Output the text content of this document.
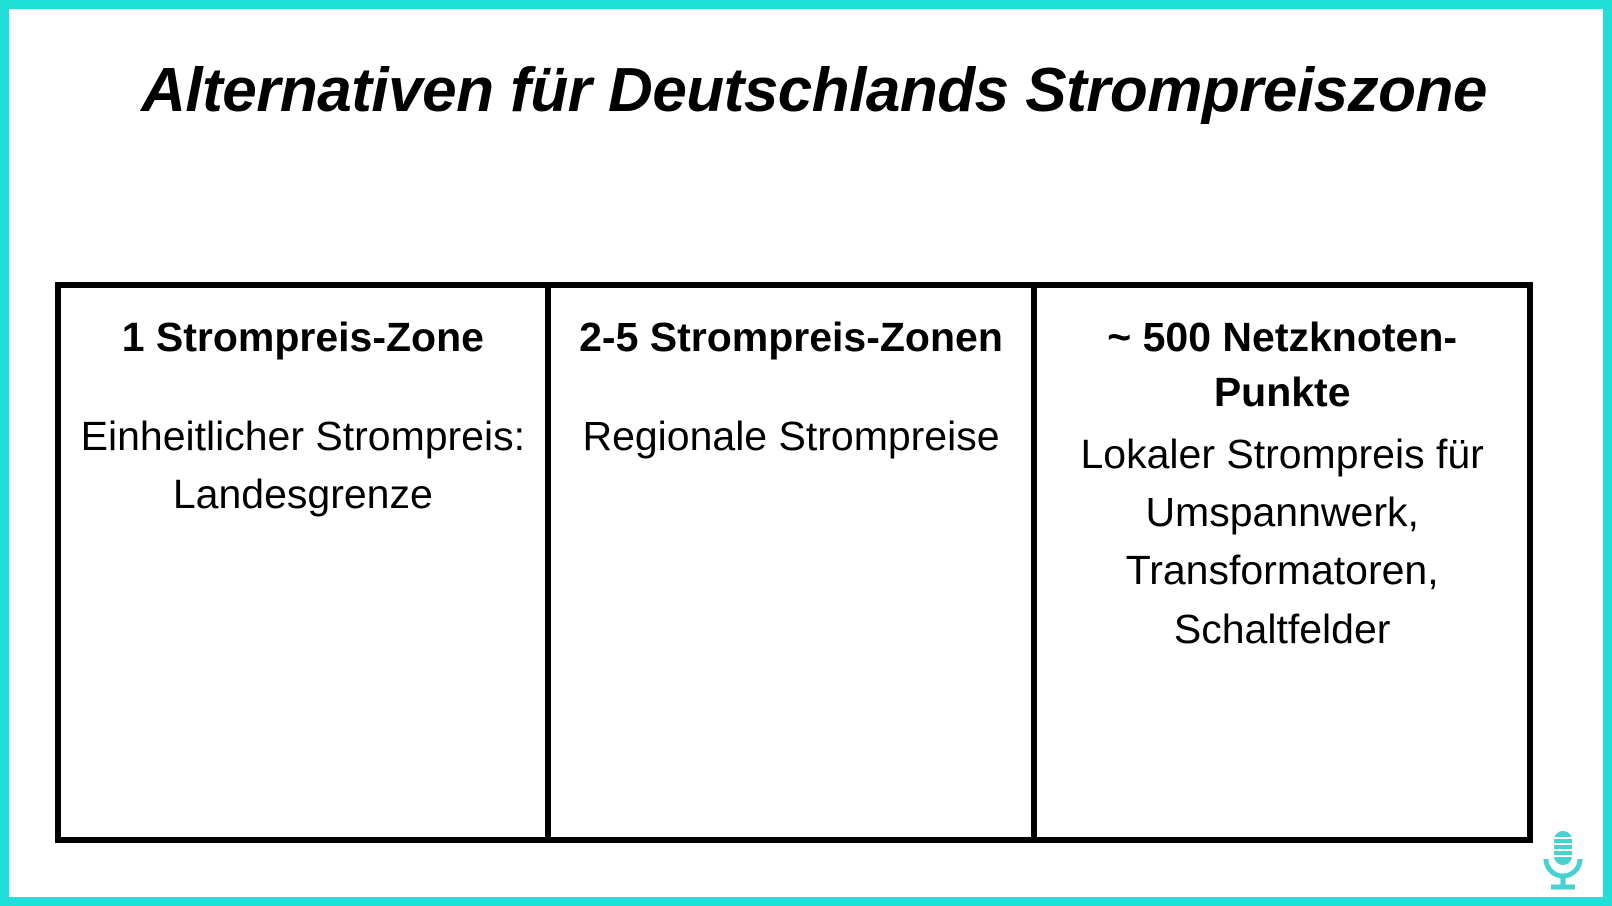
Alternativen für Deutschlands Strompreiszone
1 Strompreis-Zone
Einheitlicher Strompreis: Landesgrenze
2-5 Strompreis-Zonen
Regionale Strompreise
~ 500 Netzknoten-Punkte
Lokaler Strompreis für Umspannwerk, Transformatoren, Schaltfelder
